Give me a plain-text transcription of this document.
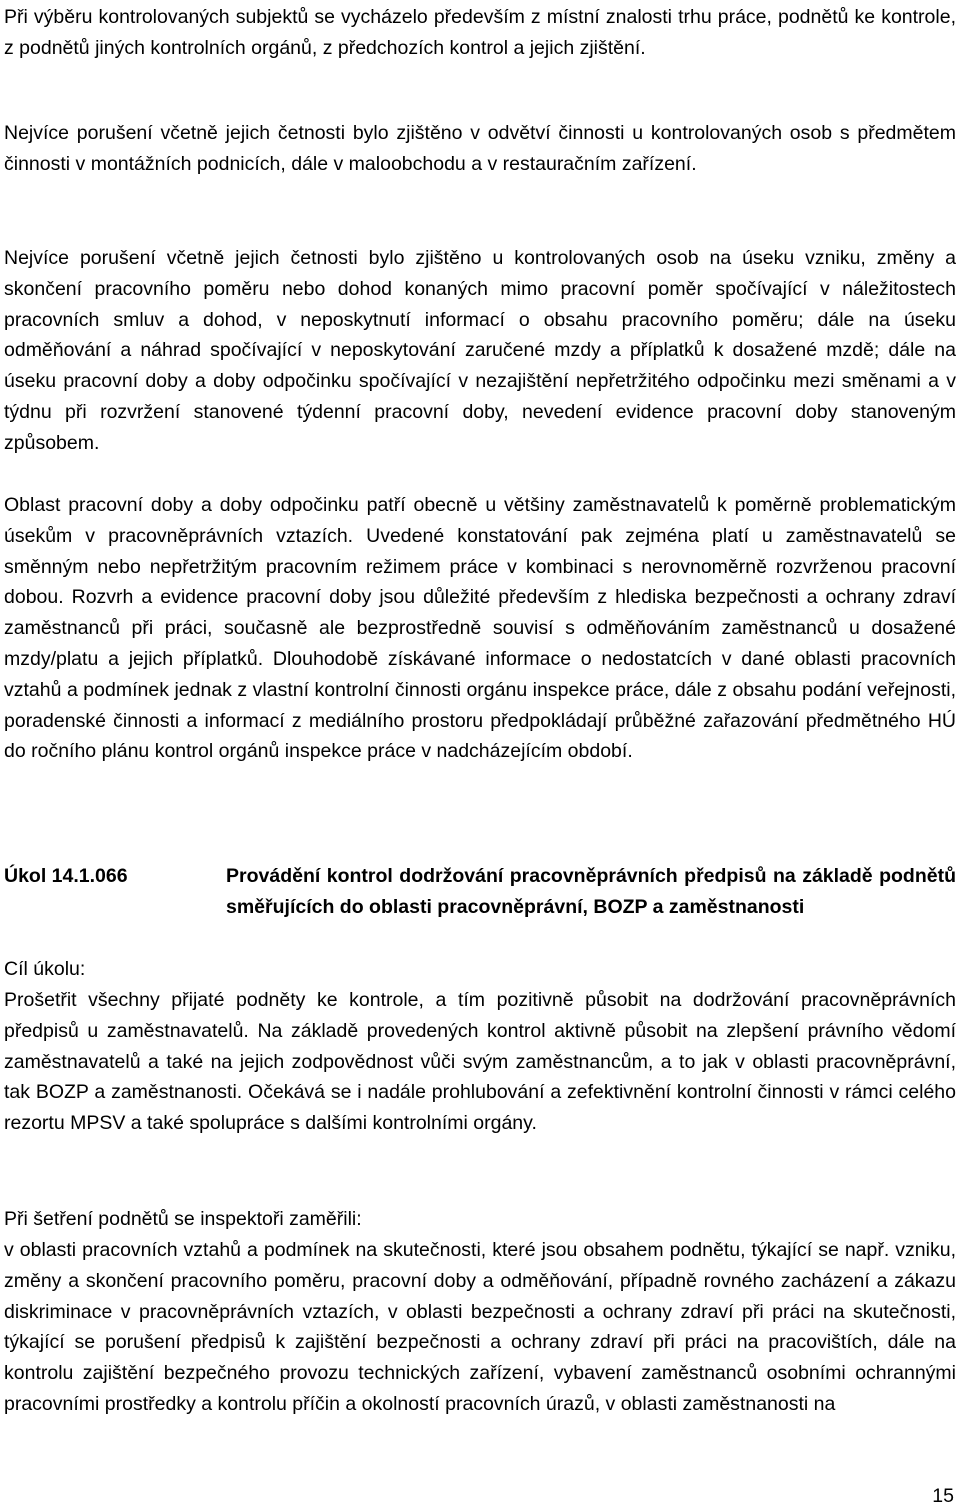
Při výběru kontrolovaných subjektů se vycházelo především z místní znalosti trhu práce, podnětů ke kontrole, z podnětů jiných kontrolních orgánů, z předchozích kontrol a jejich zjištění.

Nejvíce porušení včetně jejich četnosti bylo zjištěno v odvětví činnosti u kontrolovaných osob s předmětem činnosti v montážních podnicích, dále v maloobchodu a v restauračním zařízení.

Nejvíce porušení včetně jejich četnosti bylo zjištěno u kontrolovaných osob na úseku vzniku, změny a skončení pracovního poměru nebo dohod konaných mimo pracovní poměr spočívající v náležitostech pracovních smluv a dohod, v neposkytnutí informací o obsahu pracovního poměru; dále na úseku odměňování a náhrad spočívající v neposkytování zaručené mzdy a příplatků k dosažené mzdě; dále na úseku pracovní doby a doby odpočinku spočívající v nezajištění nepřetržitého odpočinku mezi směnami a v týdnu při rozvržení stanovené týdenní pracovní doby, nevedení evidence pracovní doby stanoveným způsobem.

Oblast pracovní doby a doby odpočinku patří obecně u většiny zaměstnavatelů k poměrně problematickým úsekům v pracovněprávních vztazích. Uvedené konstatování pak zejména platí u zaměstnavatelů se směnným nebo nepřetržitým pracovním režimem práce v kombinaci s nerovnoměrně rozvrženou pracovní dobou. Rozvrh a evidence pracovní doby jsou důležité především z hlediska bezpečnosti a ochrany zdraví zaměstnanců při práci, současně ale bezprostředně souvisí s odměňováním zaměstnanců u dosažené mzdy/platu a jejich příplatků. Dlouhodobě získávané informace o nedostatcích v dané oblasti pracovních vztahů a podmínek jednak z vlastní kontrolní činnosti orgánu inspekce práce, dále z obsahu podání veřejnosti, poradenské činnosti a informací z mediálního prostoru předpokládají průběžné zařazování předmětného HÚ do ročního plánu kontrol orgánů inspekce práce v nadcházejícím období.

Úkol 14.1.066	Provádění kontrol dodržování pracovněprávních předpisů na základě podnětů směřujících do oblasti pracovněprávní, BOZP a zaměstnanosti
Cíl úkolu:

Prošetřit všechny přijaté podněty ke kontrole, a tím pozitivně působit na dodržování pracovněprávních předpisů u zaměstnavatelů. Na základě provedených kontrol aktivně působit na zlepšení právního vědomí zaměstnavatelů a také na jejich zodpovědnost vůči svým zaměstnancům, a to jak v oblasti pracovněprávní, tak BOZP a zaměstnanosti. Očekává se i nadále prohlubování a zefektivnění kontrolní činnosti v rámci celého rezortu MPSV a také spolupráce s dalšími kontrolními orgány.

Při šetření podnětů se inspektoři zaměřili:

v oblasti pracovních vztahů a podmínek na skutečnosti, které jsou obsahem podnětu, týkající se např. vzniku, změny a skončení pracovního poměru, pracovní doby a odměňování, případně rovného zacházení a zákazu diskriminace v pracovněprávních vztazích, v oblasti bezpečnosti a ochrany zdraví při práci na skutečnosti, týkající se porušení předpisů k zajištění bezpečnosti a ochrany zdraví při práci na pracovištích, dále na kontrolu zajištění bezpečného provozu technických zařízení, vybavení zaměstnanců osobními ochrannými pracovními prostředky a kontrolu příčin a okolností pracovních úrazů, v oblasti zaměstnanosti na

15
